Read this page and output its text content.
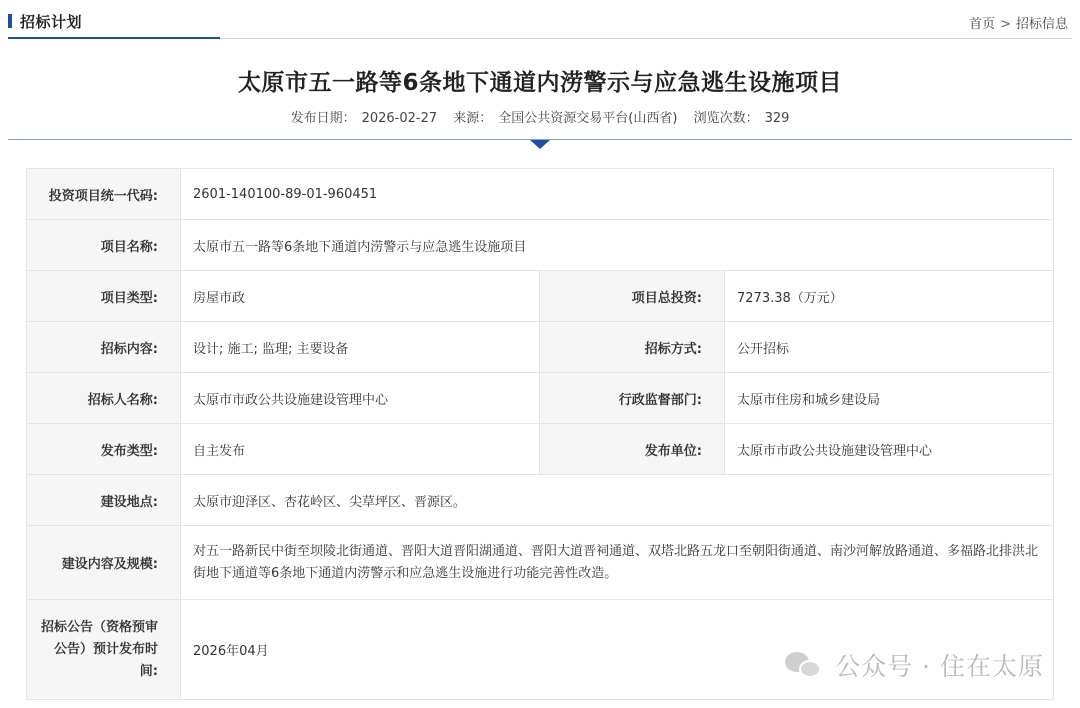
招标计划	首页 > 招标信息
太原市五一路等6条地下通道内涝警示与应急逃生设施项目
发布日期： 2026-02-27 来源： 全国公共资源交易平台(山西省) 浏览次数： 329
投资项目统一代码:	2601-140100-89-01-960451		
项目名称:	太原市五一路等6条地下通道内涝警示与应急逃生设施项目		
项目类型:	房屋市政	项目总投资:	7273.38（万元）
招标内容:	设计; 施工; 监理; 主要设备	招标方式:	公开招标
招标人名称:	太原市市政公共设施建设管理中心	行政监督部门:	太原市住房和城乡建设局
发布类型:	自主发布	发布单位:	太原市市政公共设施建设管理中心
建设地点:	太原市迎泽区、杏花岭区、尖草坪区、晋源区。		
建设内容及规模:	对五一路新民中街至坝陵北街通道、晋阳大道晋阳湖通道、晋阳大道晋祠通道、双塔北路五龙口至朝阳街通道、南沙河解放路通道、多福路北排洪北街地下通道等6条地下通道内涝警示和应急逃生设施进行功能完善性改造。		
招标公告（资格预审公告）预计发布时间:	2026年04月		
公众号 · 住在太原
